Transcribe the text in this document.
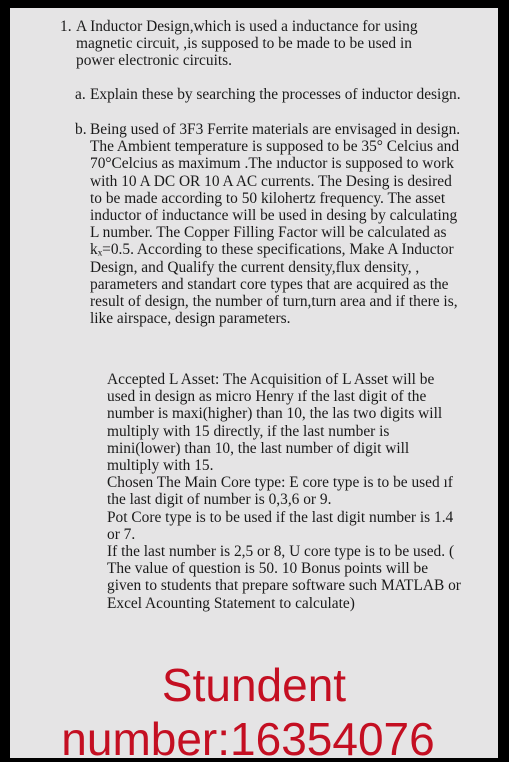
1. A Inductor Design,which is used a inductance for using magnetic circuit, ,is supposed to be made to be used in power electronic circuits.
a. Explain these by searching the processes of inductor design.
b. Being used of 3F3 Ferrite materials are envisaged in design. The Ambient temperature is supposed to be 35° Celcius and 70°Celcius as maximum .The ınductor is supposed to work with 10 A DC OR 10 A AC currents. The Desing is desired to be made according to 50 kilohertz frequency. The asset inductor of inductance will be used in desing by calculating L number. The Copper Filling Factor will be calculated as kₓ=0.5. According to these specifications, Make A Inductor Design, and Qualify the current density,flux density, , parameters and standart core types that are acquired as the result of design, the number of turn,turn area and if there is, like airspace, design parameters.

Accepted L Asset: The Acquisition of L Asset will be used in design as micro Henry ıf the last digit of the number is maxi(higher) than 10, the las two digits will multiply with 15 directly, if the last number is mini(lower) than 10, the last number of digit will multiply with 15.

Chosen The Main Core type: E core type is to be used ıf the last digit of number is 0,3,6 or 9.

Pot Core type is to be used if the last digit number is 1.4 or 7.

If the last number is 2,5 or 8, U core type is to be used. ( The value of question is 50. 10 Bonus points will be given to students that prepare software such MATLAB or Excel Acounting Statement to calculate)

Stundent
number:16354076
